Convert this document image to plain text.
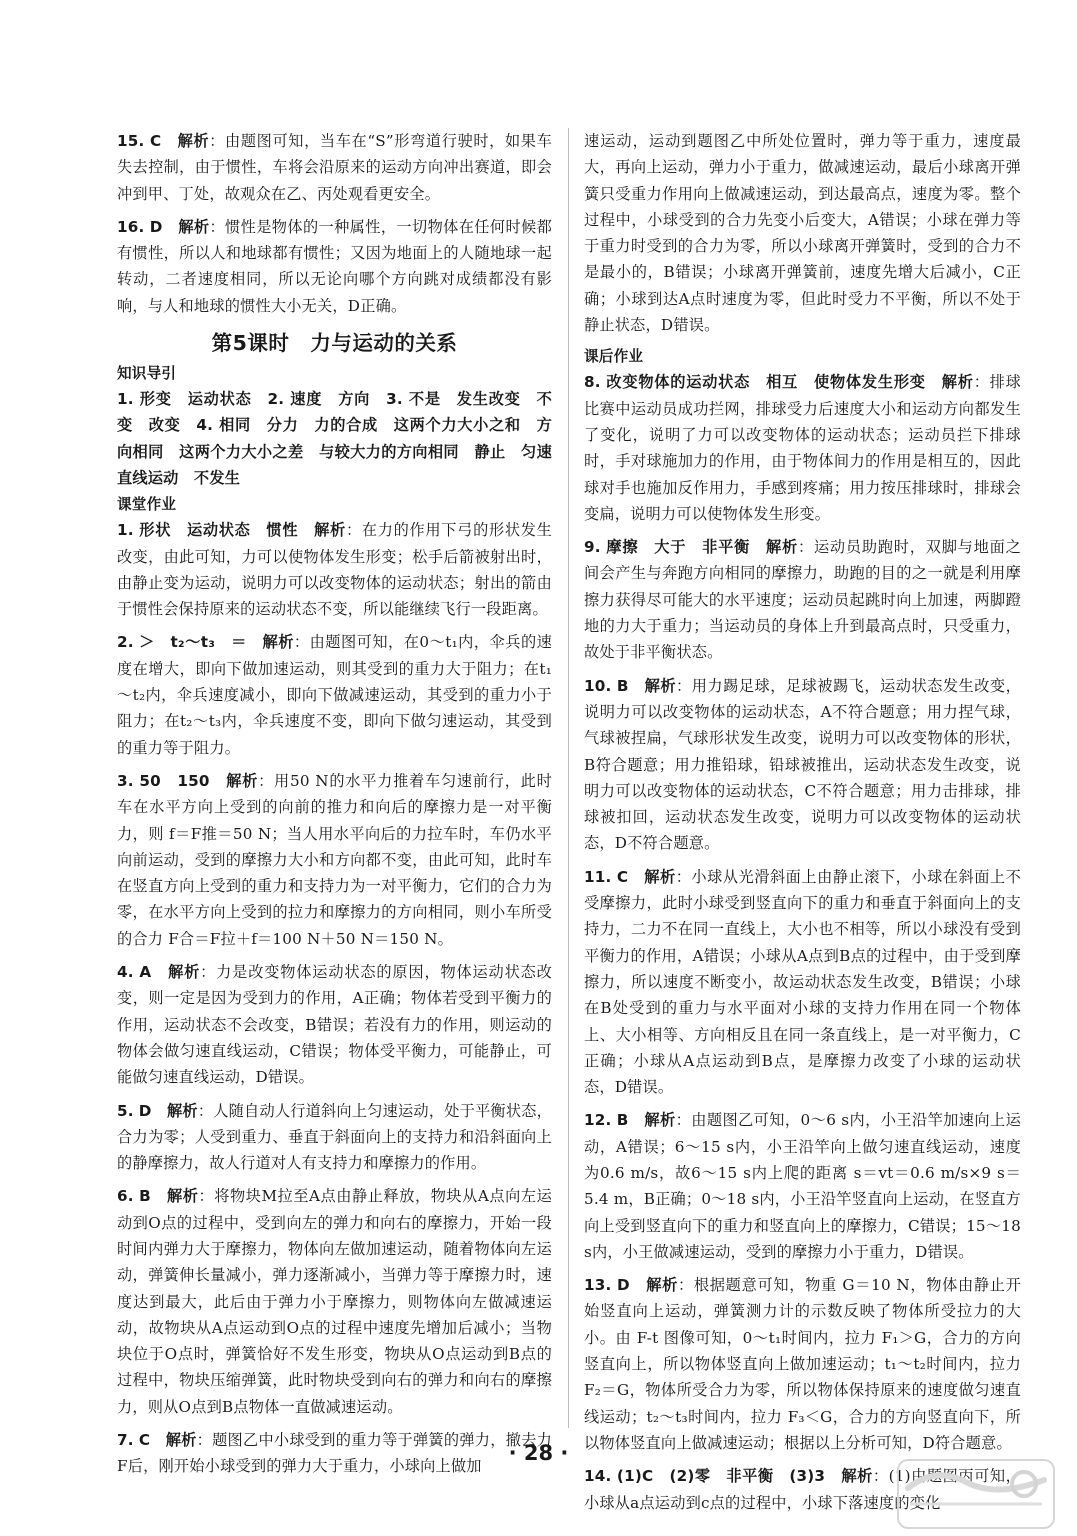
15. C　 解析：由题图可知，当车在“S”形弯道行驶时，如果车失去控制，由于惯性，车将会沿原来的运动方向冲出赛道，即会冲到甲、丁处，故观众在乙、丙处观看更安全。

16. D　 解析：惯性是物体的一种属性，一切物体在任何时候都有惯性，所以人和地球都有惯性；又因为地面上的人随地球一起转动，二者速度相同，所以无论向哪个方向跳对成绩都没有影响，与人和地球的惯性大小无关，D正确。

第5课时　力与运动的关系

知识导引

1. 形变　运动状态　2. 速度　方向　3. 不是　发生改变　不变　改变　4. 相同　分力　力的合成　这两个力大小之和　方向相同　这两个力大小之差　与较大力的方向相同　静止　匀速直线运动　不发生

课堂作业

1. 形状　运动状态　惯性　 解析：在力的作用下弓的形状发生改变，由此可知，力可以使物体发生形变；松手后箭被射出时，由静止变为运动，说明力可以改变物体的运动状态；射出的箭由于惯性会保持原来的运动状态不变，所以能继续飞行一段距离。

2. ＞　t₂～t₃　＝　 解析：由题图可知，在0～t₁内，伞兵的速度在增大，即向下做加速运动，则其受到的重力大于阻力；在t₁～t₂内，伞兵速度减小，即向下做减速运动，其受到的重力小于阻力；在t₂～t₃内，伞兵速度不变，即向下做匀速运动，其受到的重力等于阻力。

3. 50　150　 解析：用50 N的水平力推着车匀速前行，此时车在水平方向上受到的向前的推力和向后的摩擦力是一对平衡力，则 f＝F推＝50 N；当人用水平向后的力拉车时，车仍水平向前运动，受到的摩擦力大小和方向都不变，由此可知，此时车在竖直方向上受到的重力和支持力为一对平衡力，它们的合力为零，在水平方向上受到的拉力和摩擦力的方向相同，则小车所受的合力 F合＝F拉＋f＝100 N＋50 N＝150 N。

4. A　 解析：力是改变物体运动状态的原因，物体运动状态改变，则一定是因为受到力的作用，A正确；物体若受到平衡力的作用，运动状态不会改变，B错误；若没有力的作用，则运动的物体会做匀速直线运动，C错误；物体受平衡力，可能静止，可能做匀速直线运动，D错误。

5. D　 解析：人随自动人行道斜向上匀速运动，处于平衡状态，合力为零；人受到重力、垂直于斜面向上的支持力和沿斜面向上的静摩擦力，故人行道对人有支持力和摩擦力的作用。

6. B　 解析：将物块M拉至A点由静止释放，物块从A点向左运动到O点的过程中，受到向左的弹力和向右的摩擦力，开始一段时间内弹力大于摩擦力，物体向左做加速运动，随着物体向左运动，弹簧伸长量减小，弹力逐渐减小，当弹力等于摩擦力时，速度达到最大，此后由于弹力小于摩擦力，则物体向左做减速运动，故物块从A点运动到O点的过程中速度先增加后减小；当物块位于O点时，弹簧恰好不发生形变，物块从O点运动到B点的过程中，物块压缩弹簧，此时物块受到向右的弹力和向右的摩擦力，则从O点到B点物体一直做减速运动。

7. C　 解析：题图乙中小球受到的重力等于弹簧的弹力，撤去力F后，刚开始小球受到的弹力大于重力，小球向上做加

速运动，运动到题图乙中所处位置时，弹力等于重力，速度最大，再向上运动，弹力小于重力，做减速运动，最后小球离开弹簧只受重力作用向上做减速运动，到达最高点，速度为零。整个过程中，小球受到的合力先变小后变大，A错误；小球在弹力等于重力时受到的合力为零，所以小球离开弹簧时，受到的合力不是最小的，B错误；小球离开弹簧前，速度先增大后减小，C正确；小球到达A点时速度为零，但此时受力不平衡，所以不处于静止状态，D错误。

课后作业

8. 改变物体的运动状态　相互　使物体发生形变　 解析：排球比赛中运动员成功拦网，排球受力后速度大小和运动方向都发生了变化，说明了力可以改变物体的运动状态；运动员拦下排球时，手对球施加力的作用，由于物体间力的作用是相互的，因此球对手也施加反作用力，手感到疼痛；用力按压排球时，排球会变扁，说明力可以使物体发生形变。

9. 摩擦　大于　非平衡　 解析：运动员助跑时，双脚与地面之间会产生与奔跑方向相同的摩擦力，助跑的目的之一就是利用摩擦力获得尽可能大的水平速度；运动员起跳时向上加速，两脚蹬地的力大于重力；当运动员的身体上升到最高点时，只受重力，故处于非平衡状态。

10. B　 解析：用力踢足球，足球被踢飞，运动状态发生改变，说明力可以改变物体的运动状态，A不符合题意；用力捏气球，气球被捏扁，气球形状发生改变，说明力可以改变物体的形状，B符合题意；用力推铅球，铅球被推出，运动状态发生改变，说明力可以改变物体的运动状态，C不符合题意；用力击排球，排球被扣回，运动状态发生改变，说明力可以改变物体的运动状态，D不符合题意。

11. C　 解析：小球从光滑斜面上由静止滚下，小球在斜面上不受摩擦力，此时小球受到竖直向下的重力和垂直于斜面向上的支持力，二力不在同一直线上，大小也不相等，所以小球没有受到平衡力的作用，A错误；小球从A点到B点的过程中，由于受到摩擦力，所以速度不断变小，故运动状态发生改变，B错误；小球在B处受到的重力与水平面对小球的支持力作用在同一个物体上、大小相等、方向相反且在同一条直线上，是一对平衡力，C正确；小球从A点运动到B点，是摩擦力改变了小球的运动状态，D错误。

12. B　 解析：由题图乙可知，0～6 s内，小王沿竿加速向上运动，A错误；6～15 s内，小王沿竿向上做匀速直线运动，速度为0.6 m/s，故6～15 s内上爬的距离 s＝vt＝0.6 m/s×9 s＝5.4 m，B正确；0～18 s内，小王沿竿竖直向上运动，在竖直方向上受到竖直向下的重力和竖直向上的摩擦力，C错误；15～18 s内，小王做减速运动，受到的摩擦力小于重力，D错误。

13. D　 解析：根据题意可知，物重 G＝10 N，物体由静止开始竖直向上运动，弹簧测力计的示数反映了物体所受拉力的大小。由 F-t 图像可知，0～t₁时间内，拉力 F₁＞G，合力的方向竖直向上，所以物体竖直向上做加速运动；t₁～t₂时间内，拉力 F₂＝G，物体所受合力为零，所以物体保持原来的速度做匀速直线运动；t₂～t₃时间内，拉力 F₃＜G，合力的方向竖直向下，所以物体竖直向上做减速运动；根据以上分析可知，D符合题意。

14. (1)C　(2)零　非平衡　(3)3　 解析：(1)由题图丙可知，小球从a点运动到c点的过程中，小球下落速度的变化

· 28 ·
